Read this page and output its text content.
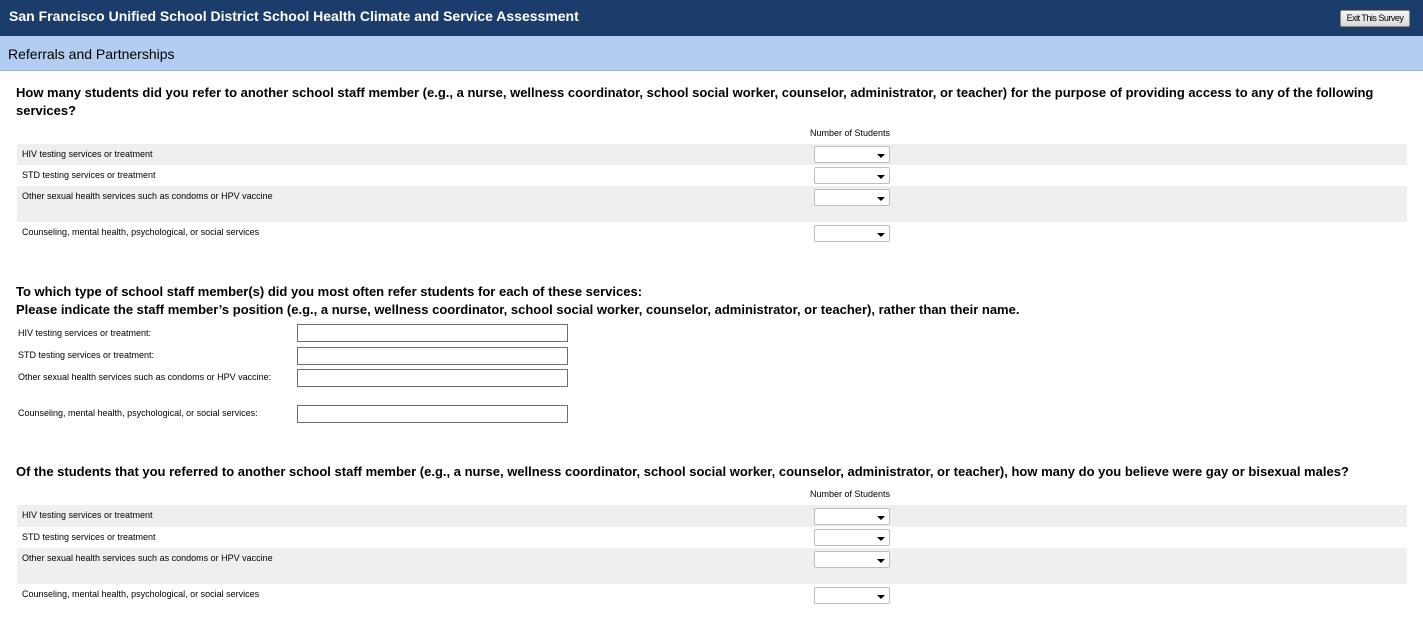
San Francisco Unified School District School Health Climate and Service Assessment	Exit This Survey
Referrals and Partnerships
How many students did you refer to another school staff member (e.g., a nurse, wellness coordinator, school social worker, counselor, administrator, or teacher) for the purpose of providing access to any of the following services?
Number of Students
HIV testing services or treatment
STD testing services or treatment
Other sexual health services such as condoms or HPV vaccine
Counseling, mental health, psychological, or social services
To which type of school staff member(s) did you most often refer students for each of these services:
Please indicate the staff member’s position (e.g., a nurse, wellness coordinator, school social worker, counselor, administrator, or teacher), rather than their name.
HIV testing services or treatment:
STD testing services or treatment:
Other sexual health services such as condoms or HPV vaccine:
Counseling, mental health, psychological, or social services:
Of the students that you referred to another school staff member (e.g., a nurse, wellness coordinator, school social worker, counselor, administrator, or teacher), how many do you believe were gay or bisexual males?
Number of Students
HIV testing services or treatment
STD testing services or treatment
Other sexual health services such as condoms or HPV vaccine
Counseling, mental health, psychological, or social services
